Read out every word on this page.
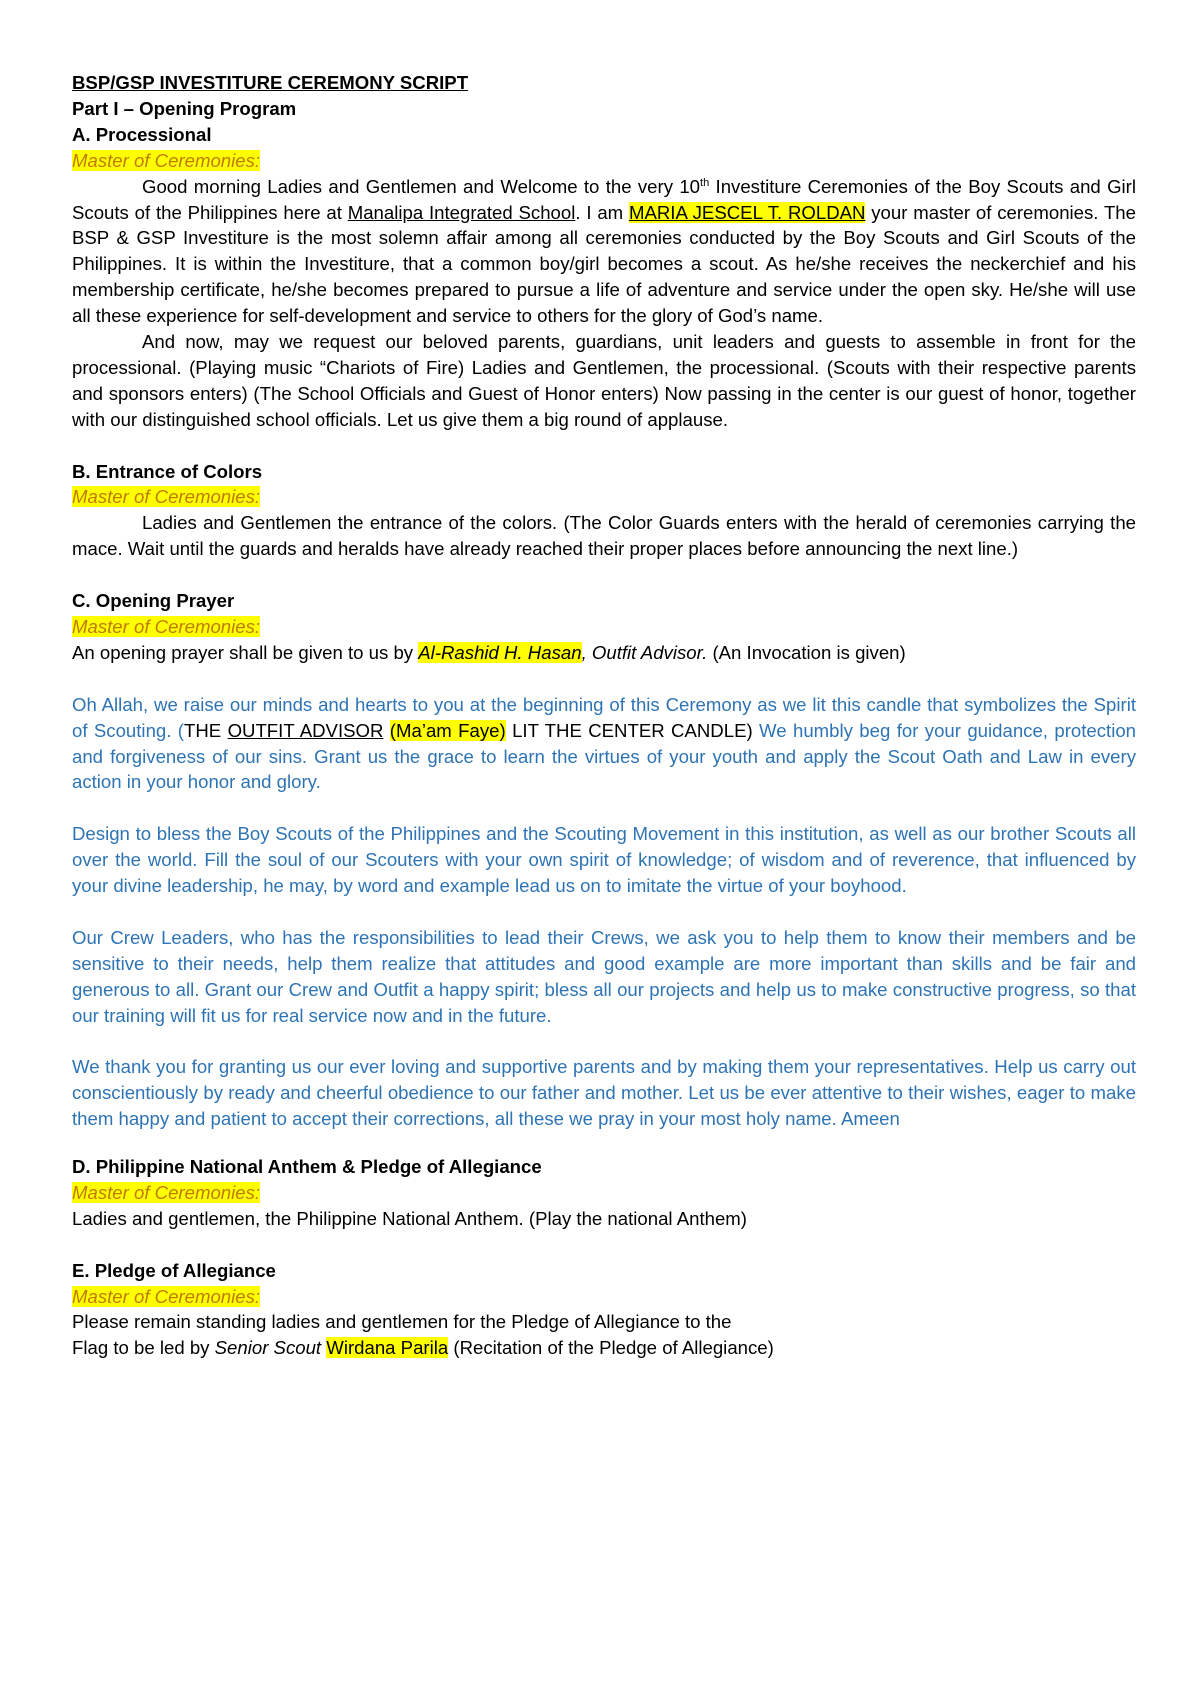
BSP/GSP INVESTITURE CEREMONY SCRIPT

Part I – Opening Program

A. Processional

Master of Ceremonies:

Good morning Ladies and Gentlemen and Welcome to the very 10th Investiture Ceremonies of the Boy Scouts and Girl Scouts of the Philippines here at Manalipa Integrated School. I am MARIA JESCEL T. ROLDAN your master of ceremonies. The BSP & GSP Investiture is the most solemn affair among all ceremonies conducted by the Boy Scouts and Girl Scouts of the Philippines. It is within the Investiture, that a common boy/girl becomes a scout. As he/she receives the neckerchief and his membership certificate, he/she becomes prepared to pursue a life of adventure and service under the open sky. He/she will use all these experience for self-development and service to others for the glory of God’s name.

And now, may we request our beloved parents, guardians, unit leaders and guests to assemble in front for the processional. (Playing music “Chariots of Fire) Ladies and Gentlemen, the processional. (Scouts with their respective parents and sponsors enters) (The School Officials and Guest of Honor enters) Now passing in the center is our guest of honor, together with our distinguished school officials. Let us give them a big round of applause.

B. Entrance of Colors

Master of Ceremonies:

Ladies and Gentlemen the entrance of the colors. (The Color Guards enters with the herald of ceremonies carrying the mace. Wait until the guards and heralds have already reached their proper places before announcing the next line.)

C. Opening Prayer

Master of Ceremonies:

An opening prayer shall be given to us by Al-Rashid H. Hasan, Outfit Advisor. (An Invocation is given)

Oh Allah, we raise our minds and hearts to you at the beginning of this Ceremony as we lit this candle that symbolizes the Spirit of Scouting. (THE OUTFIT ADVISOR (Ma’am Faye) LIT THE CENTER CANDLE) We humbly beg for your guidance, protection and forgiveness of our sins. Grant us the grace to learn the virtues of your youth and apply the Scout Oath and Law in every action in your honor and glory.

Design to bless the Boy Scouts of the Philippines and the Scouting Movement in this institution, as well as our brother Scouts all over the world. Fill the soul of our Scouters with your own spirit of knowledge; of wisdom and of reverence, that influenced by your divine leadership, he may, by word and example lead us on to imitate the virtue of your boyhood.

Our Crew Leaders, who has the responsibilities to lead their Crews, we ask you to help them to know their members and be sensitive to their needs, help them realize that attitudes and good example are more important than skills and be fair and generous to all. Grant our Crew and Outfit a happy spirit; bless all our projects and help us to make constructive progress, so that our training will fit us for real service now and in the future.

We thank you for granting us our ever loving and supportive parents and by making them your representatives. Help us carry out conscientiously by ready and cheerful obedience to our father and mother. Let us be ever attentive to their wishes, eager to make them happy and patient to accept their corrections, all these we pray in your most holy name. Ameen

D. Philippine National Anthem & Pledge of Allegiance

Master of Ceremonies:

Ladies and gentlemen, the Philippine National Anthem. (Play the national Anthem)

E. Pledge of Allegiance

Master of Ceremonies:

Please remain standing ladies and gentlemen for the Pledge of Allegiance to the

Flag to be led by Senior Scout Wirdana Parila (Recitation of the Pledge of Allegiance)
